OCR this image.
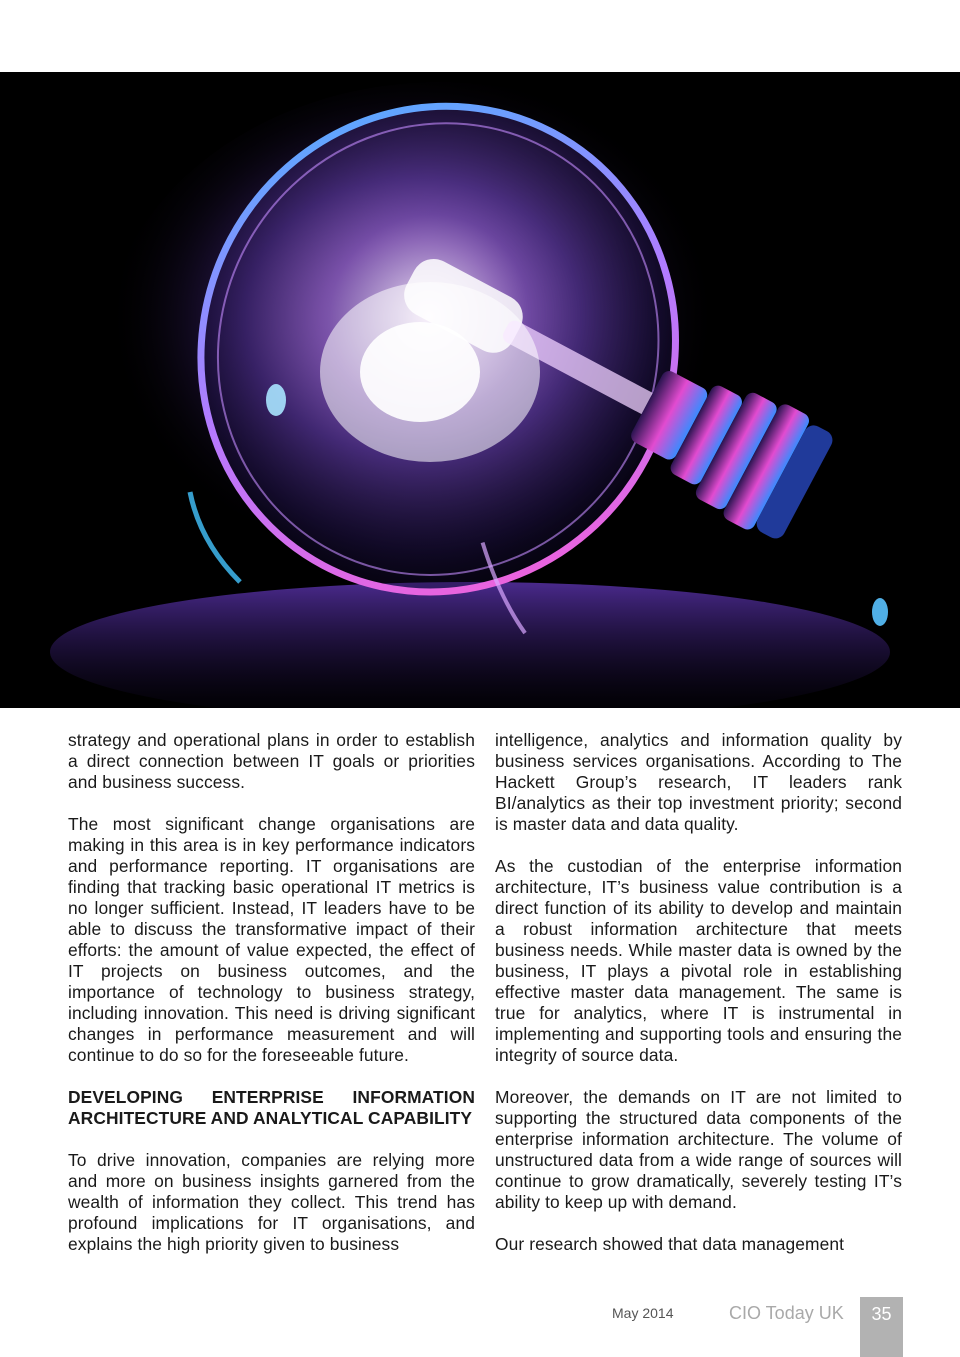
strategy and operational plans in order to establish a direct connection between IT goals or priorities and business success.

The most significant change organisations are making in this area is in key performance indicators and performance reporting. IT organisations are finding that tracking basic operational IT metrics is no longer sufficient. Instead, IT leaders have to be able to discuss the transformative impact of their efforts: the amount of value expected, the effect of IT projects on business outcomes, and the importance of technology to business strategy, including innovation. This need is driving significant changes in performance measurement and will continue to do so for the foreseeable future.

DEVELOPING ENTERPRISE INFORMATION ARCHITECTURE AND ANALYTICAL CAPABILITY

To drive innovation, companies are relying more and more on business insights garnered from the wealth of information they collect. This trend has profound implications for IT organisations, and explains the high priority given to business

intelligence, analytics and information quality by business services organisations. According to The Hackett Group’s research, IT leaders rank BI/analytics as their top investment priority; second is master data and data quality.

As the custodian of the enterprise information architecture, IT’s business value contribution is a direct function of its ability to develop and maintain a robust information architecture that meets business needs. While master data is owned by the business, IT plays a pivotal role in establishing effective master data management. The same is true for analytics, where IT is instrumental in implementing and supporting tools and ensuring the integrity of source data.

Moreover, the demands on IT are not limited to supporting the structured data components of the enterprise information architecture. The volume of unstructured data from a wide range of sources will continue to grow dramatically, severely testing IT’s ability to keep up with demand.

Our research showed that data management

May 2014	CIO Today UK	35
